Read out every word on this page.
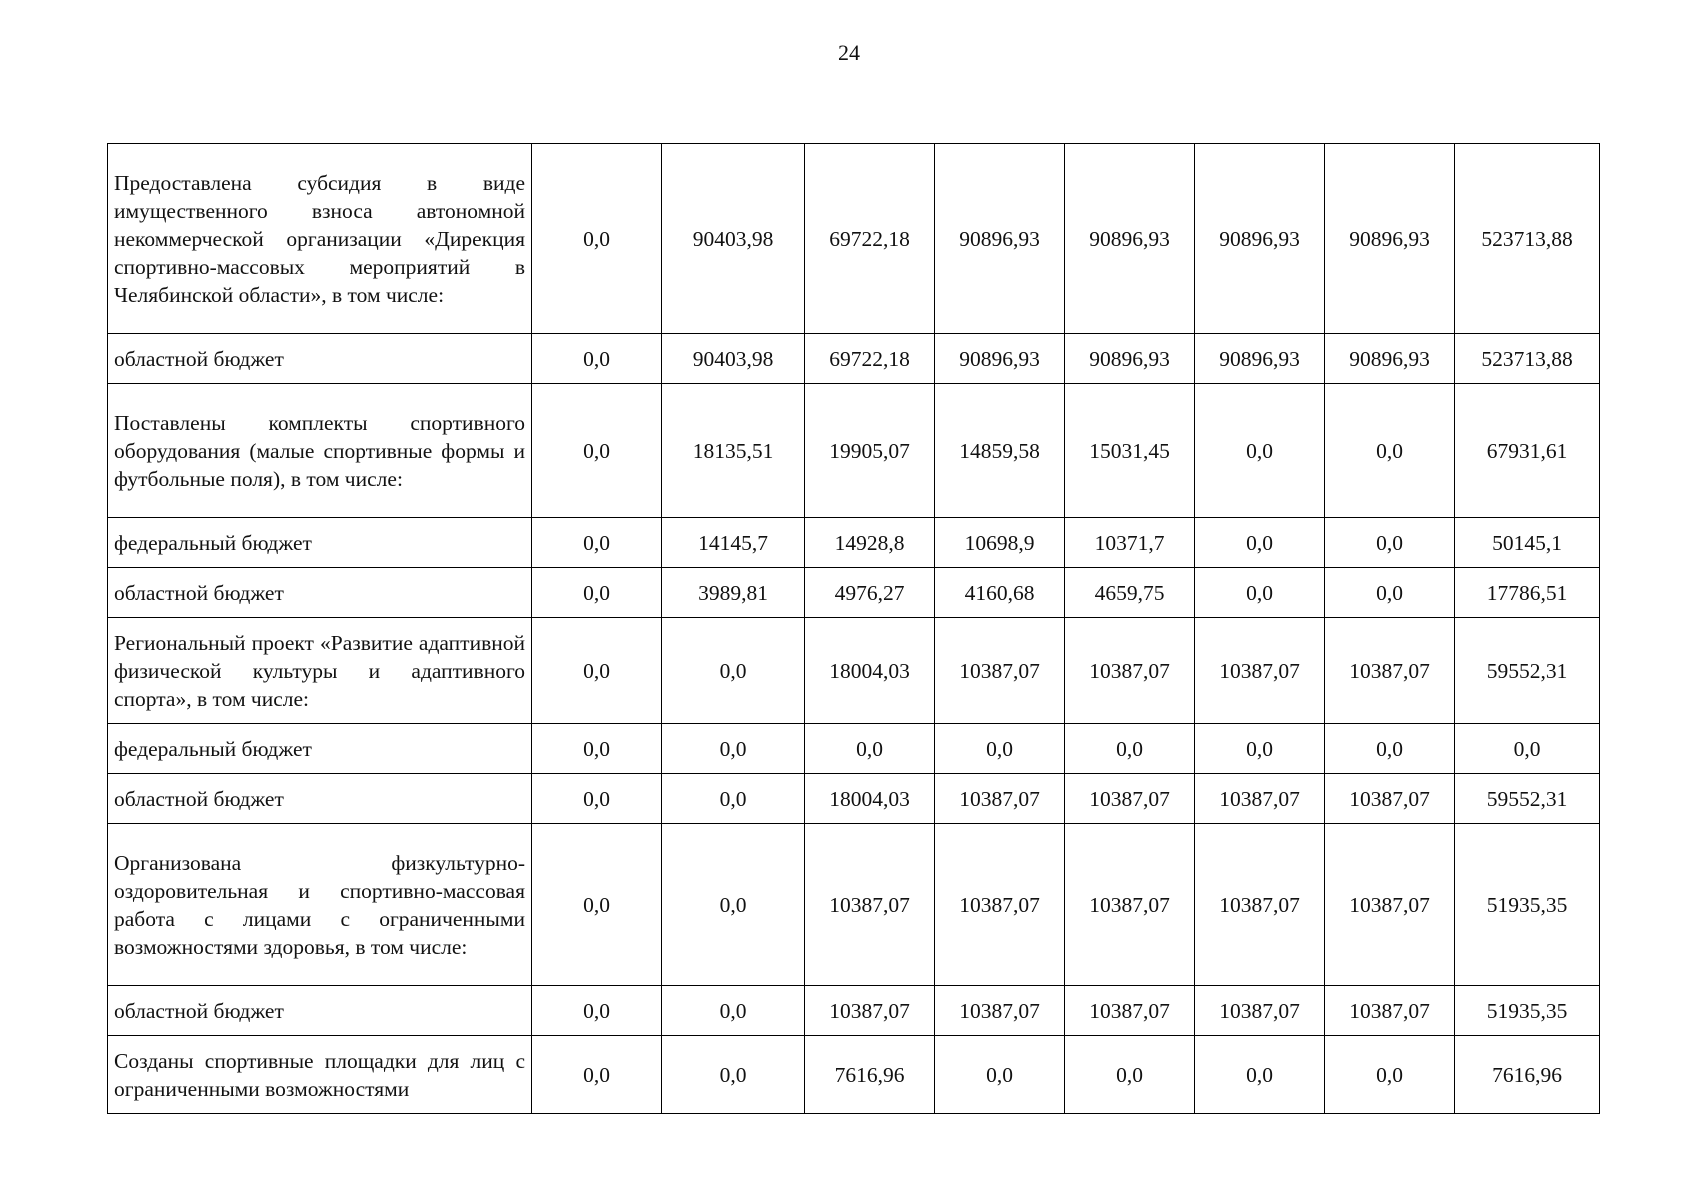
24
Предоставлена субсидия в виде имущественного взноса автономной некоммерческой организации «Дирекция спортивно-массовых мероприятий в Челябинской области», в том числе:	0,0	90403,98	69722,18	90896,93	90896,93	90896,93	90896,93	523713,88
областной бюджет	0,0	90403,98	69722,18	90896,93	90896,93	90896,93	90896,93	523713,88
Поставлены комплекты спортивного оборудования (малые спортивные формы и футбольные поля), в том числе:	0,0	18135,51	19905,07	14859,58	15031,45	0,0	0,0	67931,61
федеральный бюджет	0,0	14145,7	14928,8	10698,9	10371,7	0,0	0,0	50145,1
областной бюджет	0,0	3989,81	4976,27	4160,68	4659,75	0,0	0,0	17786,51
Региональный проект «Развитие адаптивной физической культуры и адаптивного спорта», в том числе:	0,0	0,0	18004,03	10387,07	10387,07	10387,07	10387,07	59552,31
федеральный бюджет	0,0	0,0	0,0	0,0	0,0	0,0	0,0	0,0
областной бюджет	0,0	0,0	18004,03	10387,07	10387,07	10387,07	10387,07	59552,31
Организована физкультурно-оздоровительная и спортивно-массовая работа с лицами с ограниченными возможностями здоровья, в том числе:	0,0	0,0	10387,07	10387,07	10387,07	10387,07	10387,07	51935,35
областной бюджет	0,0	0,0	10387,07	10387,07	10387,07	10387,07	10387,07	51935,35
Созданы спортивные площадки для лиц с ограниченными возможностями	0,0	0,0	7616,96	0,0	0,0	0,0	0,0	7616,96
